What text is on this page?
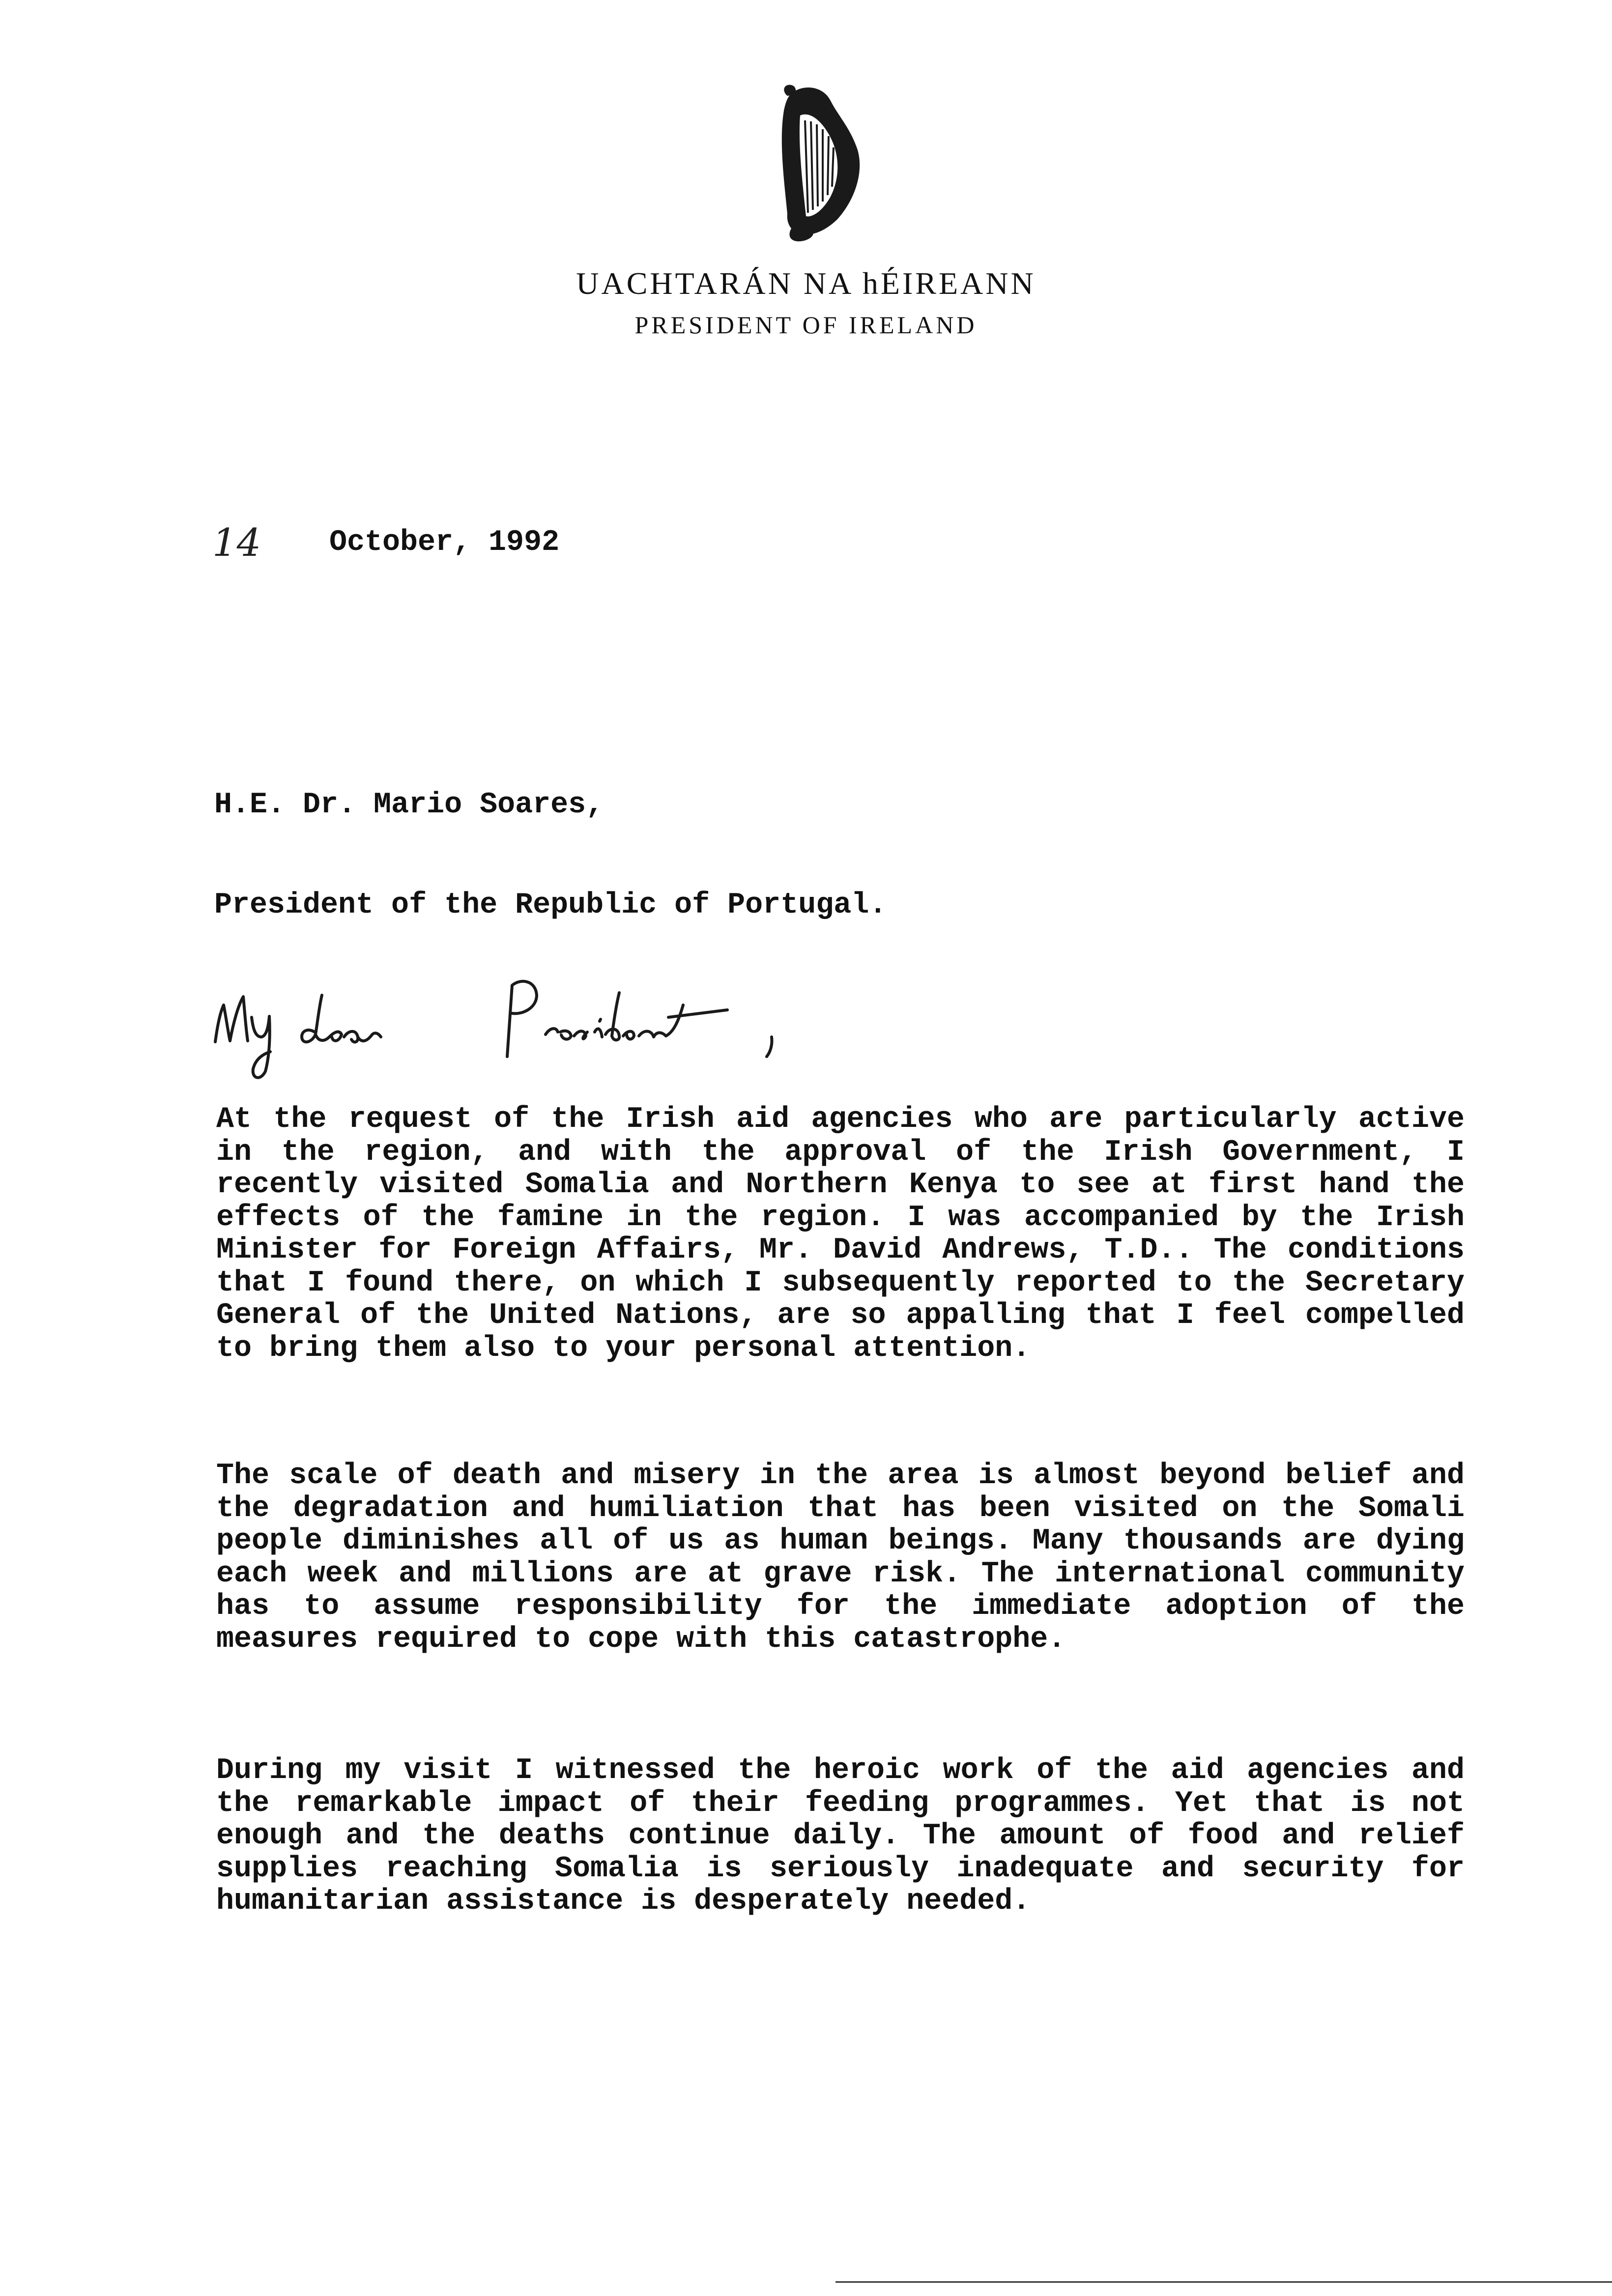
UACHTARÁN NA hÉIREANN
PRESIDENT OF IRELAND
14 October, 1992

H.E. Dr. Mario Soares,

President of the Republic of Portugal.

At the request of the Irish aid agencies who are particularly active in the region, and with the approval of the Irish Government, I recently visited Somalia and Northern Kenya to see at first hand the effects of the famine in the region. I was accompanied by the Irish Minister for Foreign Affairs, Mr. David Andrews, T.D.. The conditions that I found there, on which I subsequently reported to the Secretary General of the United Nations, are so appalling that I feel compelled to bring them also to your personal attention.
The scale of death and misery in the area is almost beyond belief and the degradation and humiliation that has been visited on the Somali people diminishes all of us as human beings. Many thousands are dying each week and millions are at grave risk. The international community has to assume responsibility for the immediate adoption of the measures required to cope with this catastrophe.
During my visit I witnessed the heroic work of the aid agencies and the remarkable impact of their feeding programmes. Yet that is not enough and the deaths continue daily. The amount of food and relief supplies reaching Somalia is seriously inadequate and security for humanitarian assistance is desperately needed.
